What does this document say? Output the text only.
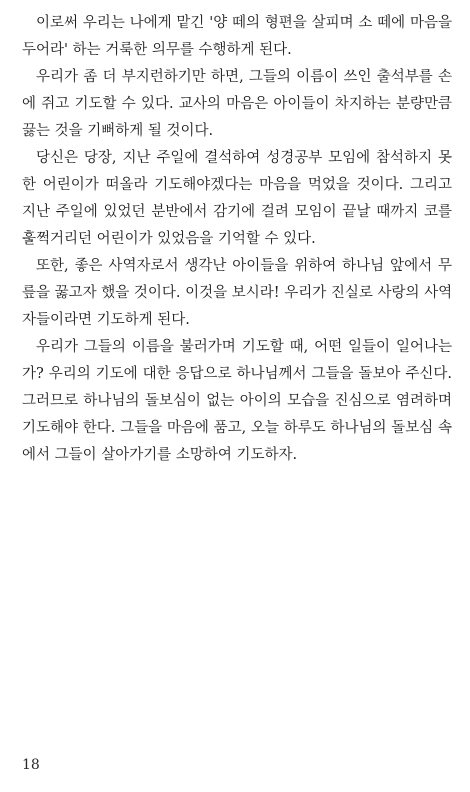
이로써 우리는 나에게 맡긴 '양 떼의 형편을 살피며 소 떼에 마음을
두어라' 하는 거룩한 의무를 수행하게 된다.
우리가 좀 더 부지런하기만 하면, 그들의 이름이 쓰인 출석부를 손
에 쥐고 기도할 수 있다. 교사의 마음은 아이들이 차지하는 분량만큼
끓는 것을 기뻐하게 될 것이다.
당신은 당장, 지난 주일에 결석하여 성경공부 모임에 참석하지 못
한 어린이가 떠올라 기도해야겠다는 마음을 먹었을 것이다. 그리고
지난 주일에 있었던 분반에서 감기에 걸려 모임이 끝날 때까지 코를
훌쩍거리던 어린이가 있었음을 기억할 수 있다.
또한, 좋은 사역자로서 생각난 아이들을 위하여 하나님 앞에서 무
릎을 꿇고자 했을 것이다. 이것을 보시라! 우리가 진실로 사랑의 사역
자들이라면 기도하게 된다.
우리가 그들의 이름을 불러가며 기도할 때, 어떤 일들이 일어나는
가? 우리의 기도에 대한 응답으로 하나님께서 그들을 돌보아 주신다.
그러므로 하나님의 돌보심이 없는 아이의 모습을 진심으로 염려하며
기도해야 한다. 그들을 마음에 품고, 오늘 하루도 하나님의 돌보심 속
에서 그들이 살아가기를 소망하여 기도하자.
18
